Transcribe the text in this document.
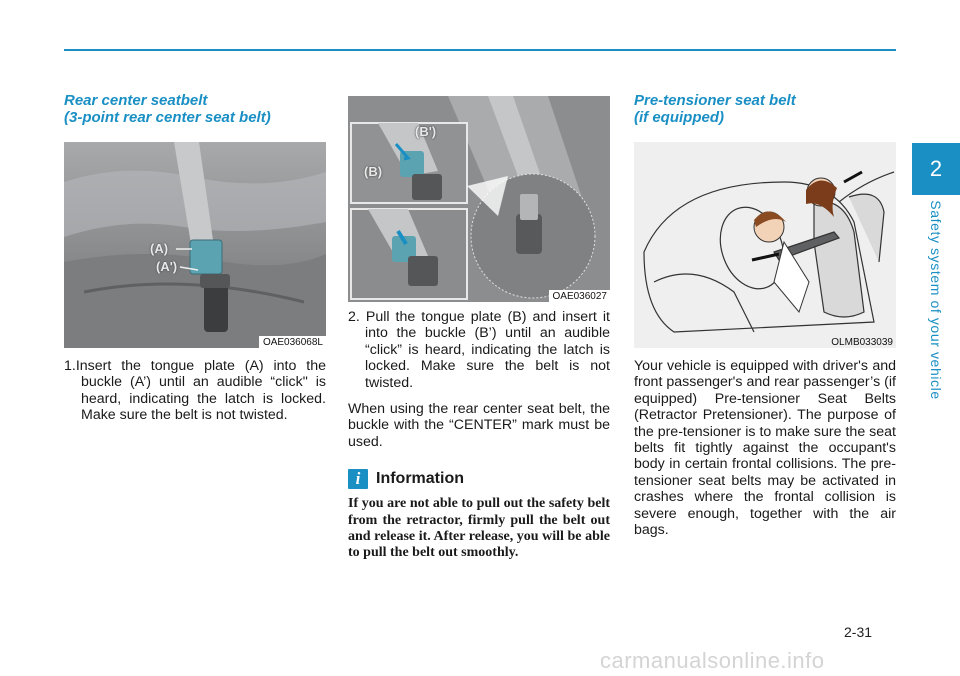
2
Safety system of your vehicle

Rear center seatbelt
(3-point rear center seat belt)

(A)
(A')
OAE036068L

1.Insert the tongue plate (A) into the buckle (A’) until an audible “click" is heard, indicating the latch is locked. Make sure the belt is not twisted.

(B')
(B)
OAE036027

2. Pull the tongue plate (B) and insert it into the buckle (B’) until an audible “click” is heard, indicating the latch is locked. Make sure the belt is not twisted.

When using the rear center seat belt, the buckle with the “CENTER” mark must be used.

i Information

If you are not able to pull out the safety belt from the retractor, firmly pull the belt out and release it. After release, you will be able to pull the belt out smoothly.

Pre-tensioner seat belt
(if equipped)

OLMB033039

Your vehicle is equipped with driver's and front passenger's and rear passenger’s (if equipped) Pre-tensioner Seat Belts (Retractor Pretensioner). The purpose of the pre-tensioner is to make sure the seat belts fit tightly against the occupant's body in certain frontal collisions. The pre-tensioner seat belts may be activated in crashes where the frontal collision is severe enough, together with the air bags.

2-31
carmanualsonline.info
